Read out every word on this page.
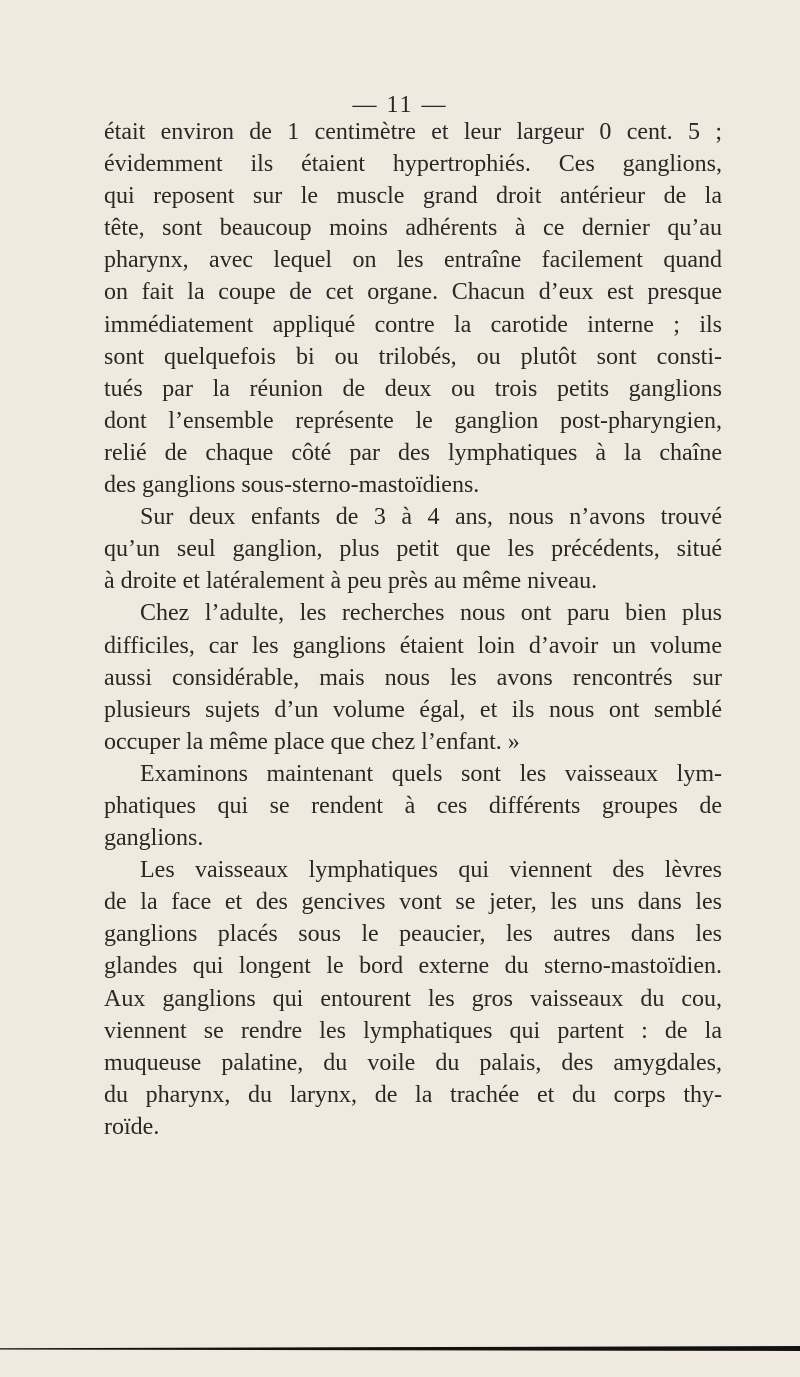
— 11 —
était environ de 1 centimètre et leur largeur 0 cent. 5 ;
évidemment ils étaient hypertrophiés. Ces ganglions,
qui reposent sur le muscle grand droit antérieur de la
tête, sont beaucoup moins adhérents à ce dernier qu’au
pharynx, avec lequel on les entraîne facilement quand
on fait la coupe de cet organe. Chacun d’eux est presque
immédiatement appliqué contre la carotide interne ; ils
sont quelquefois bi ou trilobés, ou plutôt sont consti-
tués par la réunion de deux ou trois petits ganglions
dont l’ensemble représente le ganglion post-pharyngien,
relié de chaque côté par des lymphatiques à la chaîne
des ganglions sous-sterno-mastoïdiens.
Sur deux enfants de 3 à 4 ans, nous n’avons trouvé
qu’un seul ganglion, plus petit que les précédents, situé
à droite et latéralement à peu près au même niveau.
Chez l’adulte, les recherches nous ont paru bien plus
difficiles, car les ganglions étaient loin d’avoir un volume
aussi considérable, mais nous les avons rencontrés sur
plusieurs sujets d’un volume égal, et ils nous ont semblé
occuper la même place que chez l’enfant. »
Examinons maintenant quels sont les vaisseaux lym-
phatiques qui se rendent à ces différents groupes de
ganglions.
Les vaisseaux lymphatiques qui viennent des lèvres
de la face et des gencives vont se jeter, les uns dans les
ganglions placés sous le peaucier, les autres dans les
glandes qui longent le bord externe du sterno-mastoïdien.
Aux ganglions qui entourent les gros vaisseaux du cou,
viennent se rendre les lymphatiques qui partent : de la
muqueuse palatine, du voile du palais, des amygdales,
du pharynx, du larynx, de la trachée et du corps thy-
roïde.
